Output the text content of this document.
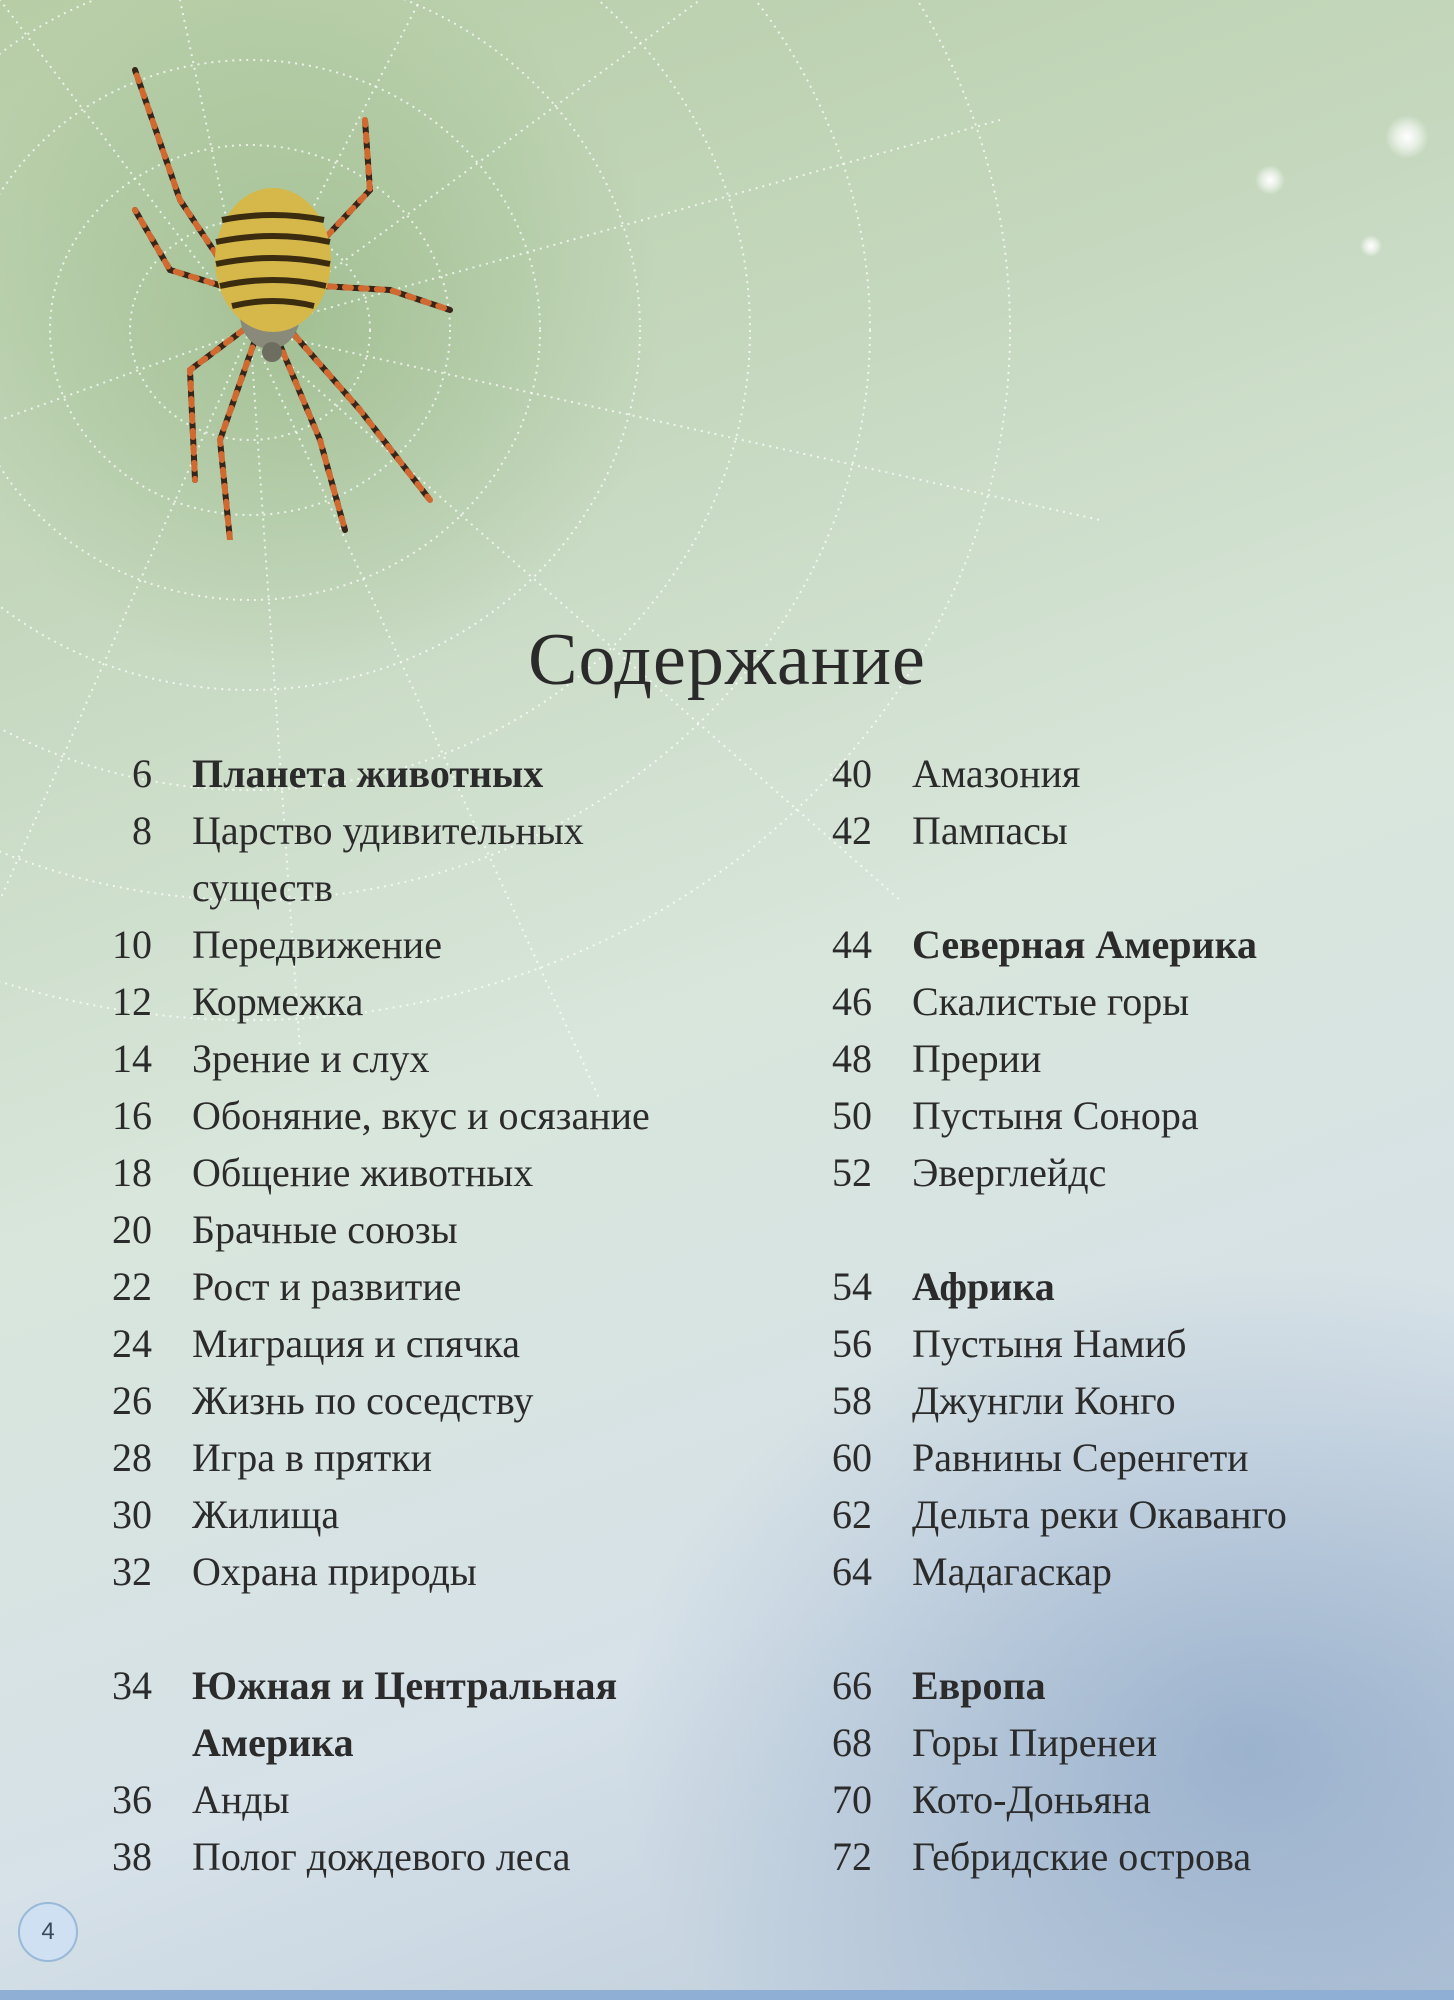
Содержание
6	Планета животных
8	Царство удивительных существ
10	Передвижение
12	Кормежка
14	Зрение и слух
16	Обоняние, вкус и осязание
18	Общение животных
20	Брачные союзы
22	Рост и развитие
24	Миграция и спячка
26	Жизнь по соседству
28	Игра в прятки
30	Жилища
32	Охрана природы
34	Южная и Центральная Америка
36	Анды
38	Полог дождевого леса
40	Амазония
42	Пампасы
44	Северная Америка
46	Скалистые горы
48	Прерии
50	Пустыня Сонора
52	Эверглейдс
54	Африка
56	Пустыня Намиб
58	Джунгли Конго
60	Равнины Серенгети
62	Дельта реки Окаванго
64	Мадагаскар
66	Европа
68	Горы Пиренеи
70	Кото-Доньяна
72	Гебридские острова
4
